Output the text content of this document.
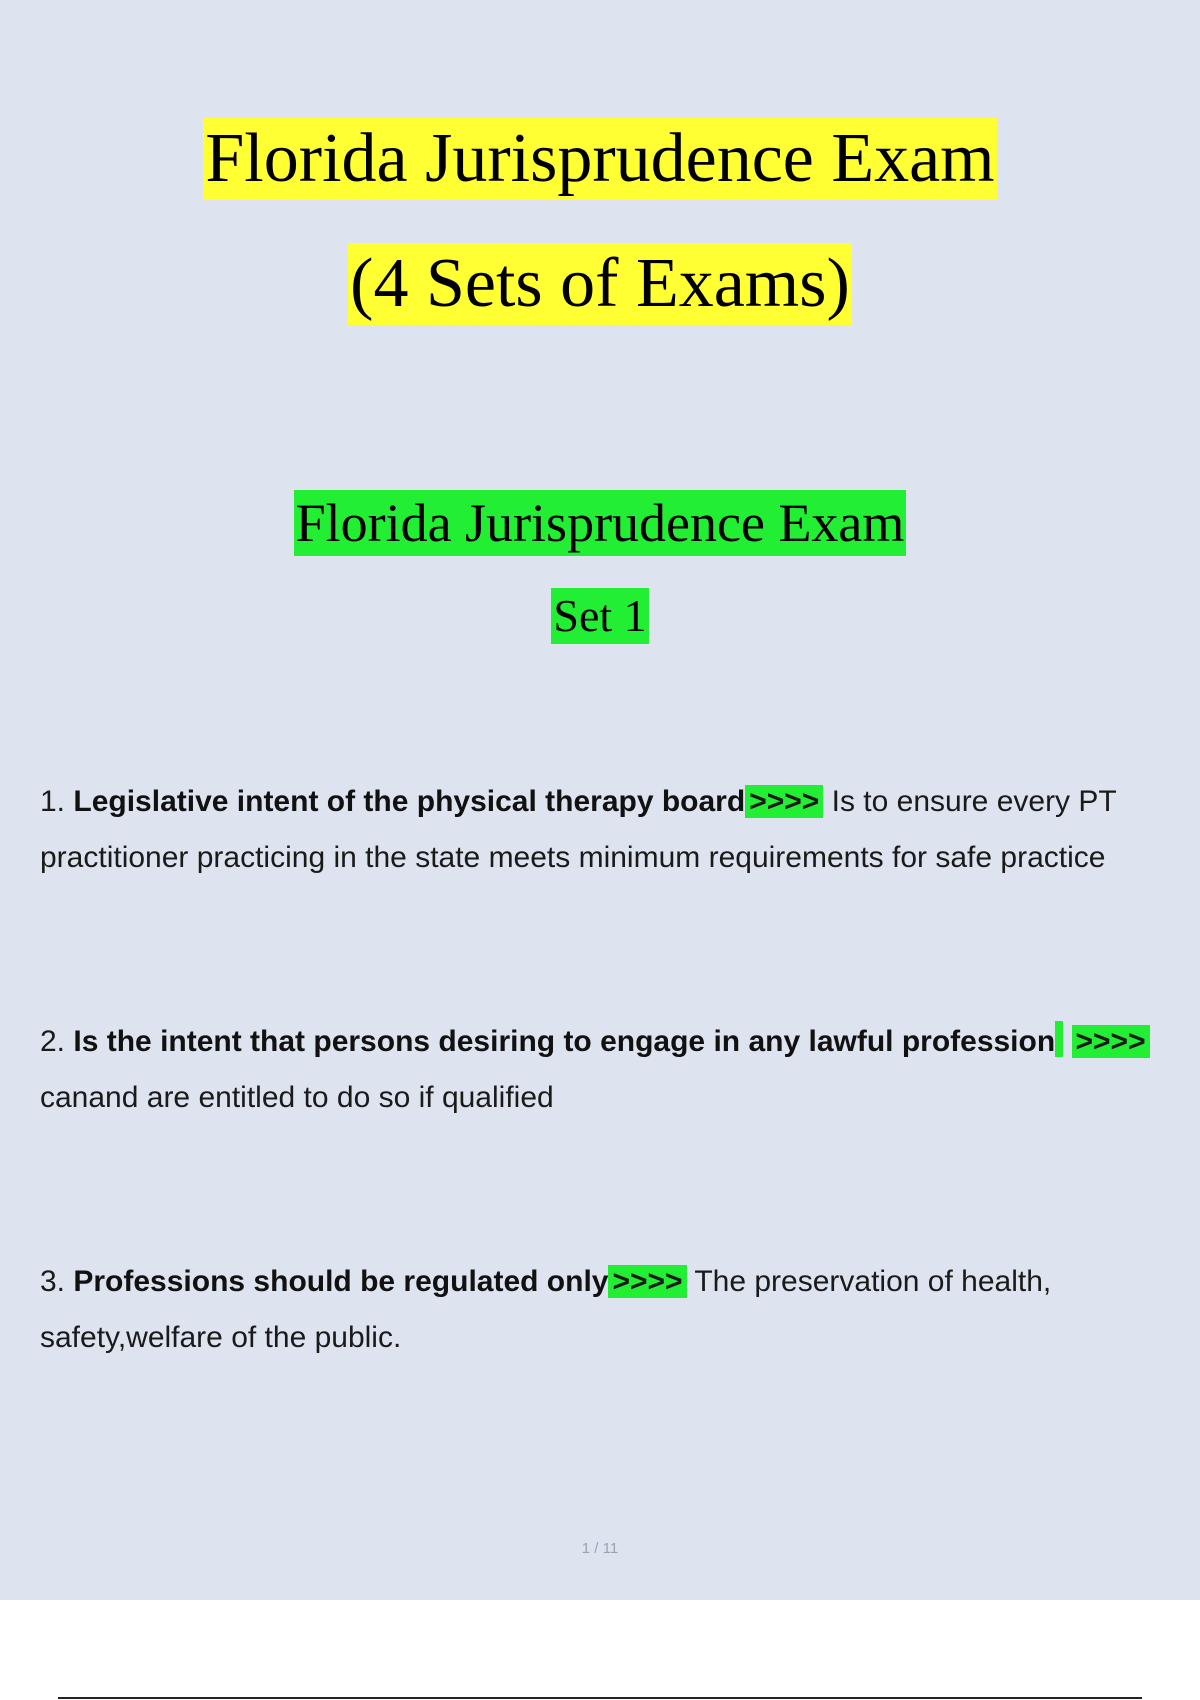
Florida Jurisprudence Exam
(4 Sets of Exams)
Florida Jurisprudence Exam
Set 1
1. Legislative intent of the physical therapy board >>>> Is to ensure every PT practitioner practicing in the state meets minimum requirements for safe practice
2. Is the intent that persons desiring to engage in any lawful profession >>>> canand are entitled to do so if qualified
3. Professions should be regulated only >>>> The preservation of health, safety,welfare of the public.
1 / 11
